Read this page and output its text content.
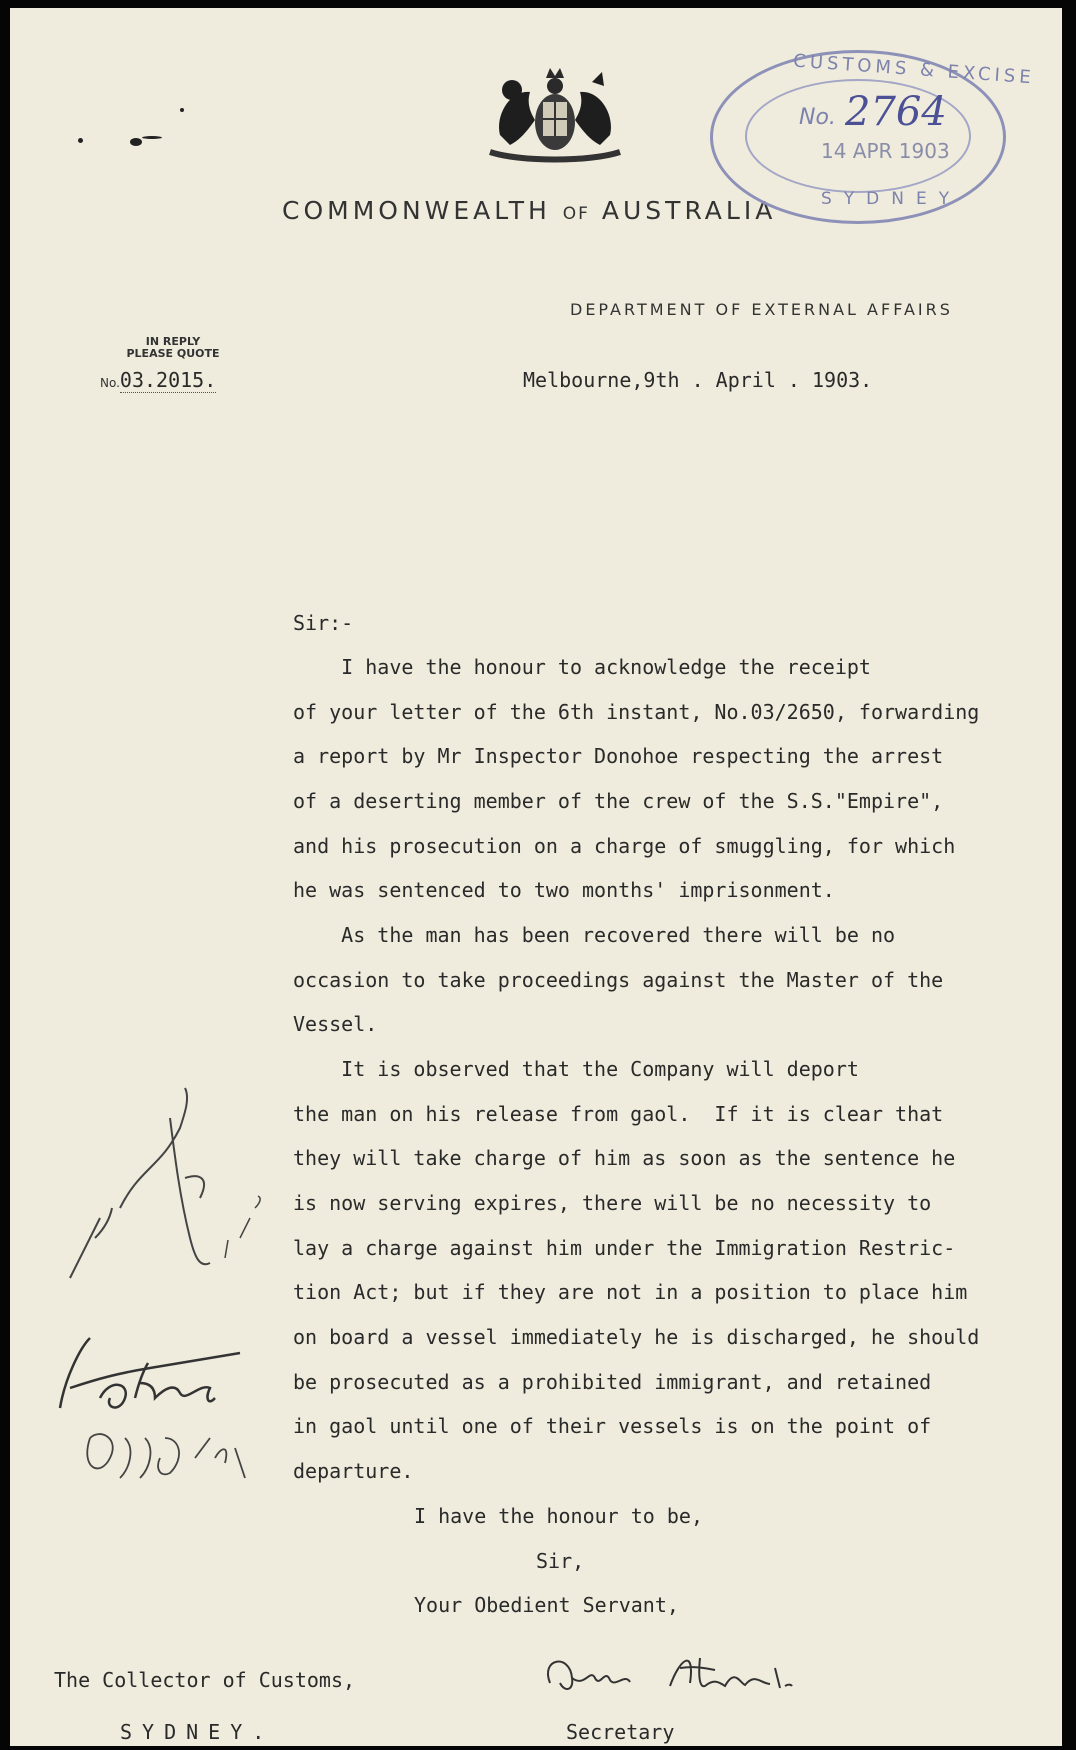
COMMONWEALTH OF AUSTRALIA
CUSTOMS & EXCISE
No. 2764
14 APR 1903
SYDNEY
DEPARTMENT OF EXTERNAL AFFAIRS
IN REPLY
PLEASE QUOTE
No.03.2015.	Melbourne,9th . April . 1903.
Sir:-
I have the honour to acknowledge the receipt
of your letter of the 6th instant, No.03/2650, forwarding
a report by Mr Inspector Donohoe respecting the arrest
of a deserting member of the crew of the S.S."Empire",
and his prosecution on a charge of smuggling, for which
he was sentenced to two months' imprisonment.
As the man has been recovered there will be no
occasion to take proceedings against the Master of the
Vessel.
It is observed that the Company will deport
the man on his release from gaol.  If it is clear that
they will take charge of him as soon as the sentence he
is now serving expires, there will be no necessity to
lay a charge against him under the Immigration Restric-
tion Act; but if they are not in a position to place him
on board a vessel immediately he is discharged, he should
be prosecuted as a prohibited immigrant, and retained
in gaol until one of their vessels is on the point of
departure.
I have the honour to be,
Sir,
Your Obedient Servant,
The Collector of Customs,
SYDNEY.	Secretary
